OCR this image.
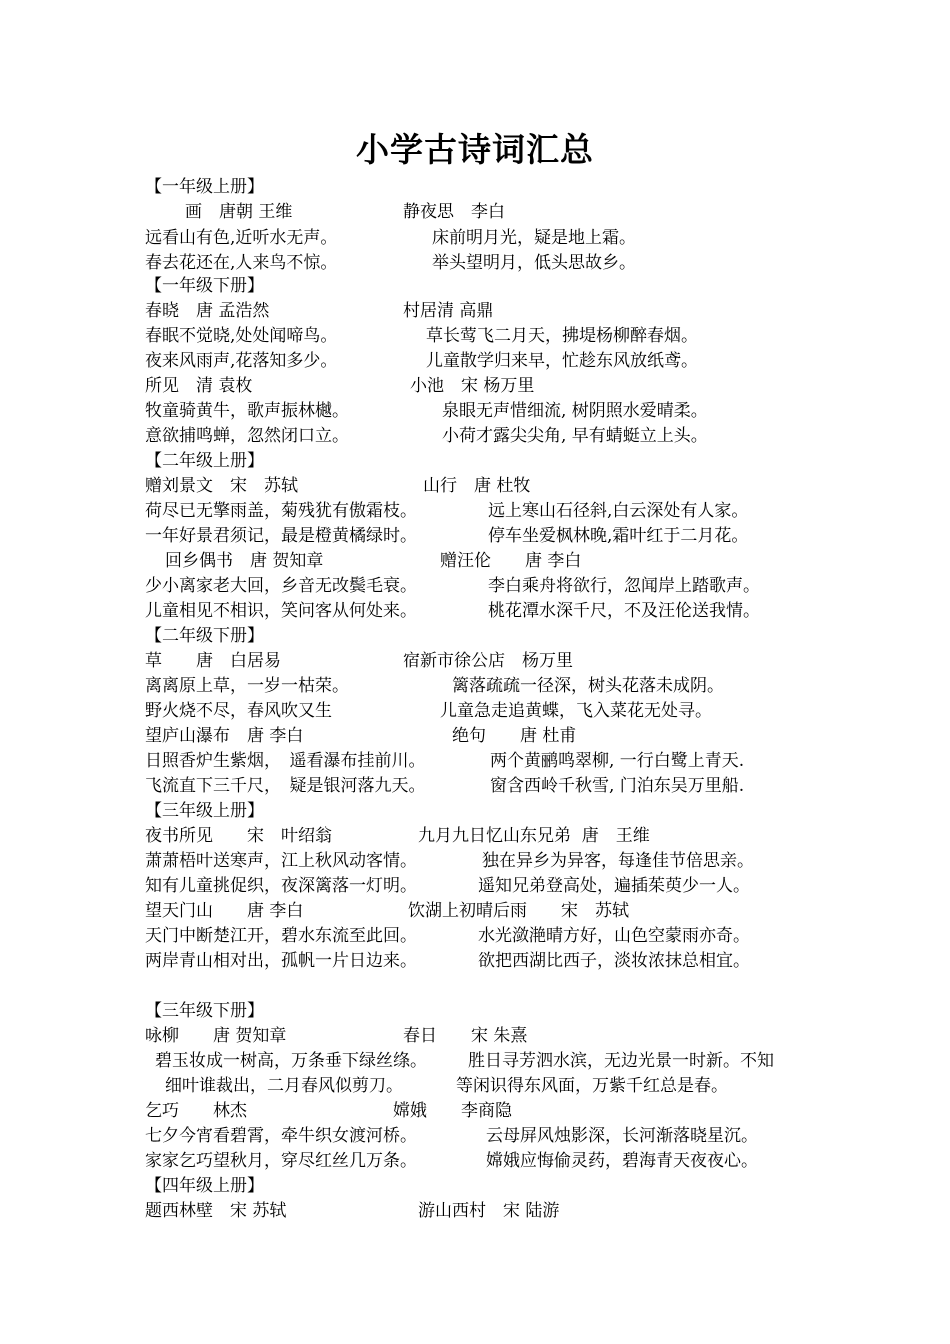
小学古诗词汇总
【一年级上册】
画　唐朝 王维	静夜思　李白
远看山有色,近听水无声。	床前明月光，疑是地上霜。
春去花还在,人来鸟不惊。	举头望明月，低头思故乡。
【一年级下册】
春晓　唐 孟浩然	村居清 高鼎
春眠不觉晓,处处闻啼鸟。	草长莺飞二月天，拂堤杨柳醉春烟。
夜来风雨声,花落知多少。	儿童散学归来早，忙趁东风放纸鸢。
所见　清 袁枚	小池　宋 杨万里
牧童骑黄牛，歌声振林樾。	泉眼无声惜细流, 树阴照水爱晴柔。
意欲捕鸣蝉，忽然闭口立。	小荷才露尖尖角, 早有蜻蜓立上头。
【二年级上册】
赠刘景文　宋　苏轼	山行　唐 杜牧
荷尽已无擎雨盖，菊残犹有傲霜枝。	远上寒山石径斜,白云深处有人家。
一年好景君须记，最是橙黄橘绿时。	停车坐爱枫林晚,霜叶红于二月花。
回乡偶书　唐 贺知章	赠汪伦　　唐 李白
少小离家老大回，乡音无改鬓毛衰。	李白乘舟将欲行，忽闻岸上踏歌声。
儿童相见不相识，笑问客从何处来。	桃花潭水深千尺，不及汪伦送我情。
【二年级下册】
草　　唐　白居易	宿新市徐公店　杨万里
离离原上草，一岁一枯荣。	篱落疏疏一径深，树头花落未成阴。
野火烧不尽，春风吹又生	儿童急走追黄蝶，飞入菜花无处寻。
望庐山瀑布　唐 李白	绝句　　唐 杜甫
日照香炉生紫烟，　遥看瀑布挂前川。	两个黄鹂鸣翠柳, 一行白鹭上青天.
飞流直下三千尺，　疑是银河落九天。	窗含西岭千秋雪, 门泊东吴万里船.
【三年级上册】
夜书所见　　宋　叶绍翁	九月九日忆山东兄弟  唐　王维
萧萧梧叶送寒声，江上秋风动客情。	独在异乡为异客，每逢佳节倍思亲。
知有儿童挑促织，夜深篱落一灯明。	遥知兄弟登高处，遍插茱萸少一人。
望天门山　　唐 李白	饮湖上初晴后雨　　宋　苏轼
天门中断楚江开，碧水东流至此回。	水光潋滟晴方好，山色空蒙雨亦奇。
两岸青山相对出，孤帆一片日边来。	欲把西湖比西子，淡妆浓抹总相宜。
【三年级下册】
咏柳　　唐 贺知章	春日　　宋 朱熹
碧玉妆成一树高，万条垂下绿丝绦。 胜日寻芳泗水滨，无边光景一时新。不知
细叶谁裁出，二月春风似剪刀。	等闲识得东风面，万紫千红总是春。
乞巧　　林杰	嫦娥　　李商隐
七夕今宵看碧霄，牵牛织女渡河桥。	云母屏风烛影深，长河渐落晓星沉。
家家乞巧望秋月，穿尽红丝几万条。	嫦娥应悔偷灵药，碧海青天夜夜心。
【四年级上册】
题西林壁　宋 苏轼	游山西村　宋 陆游
